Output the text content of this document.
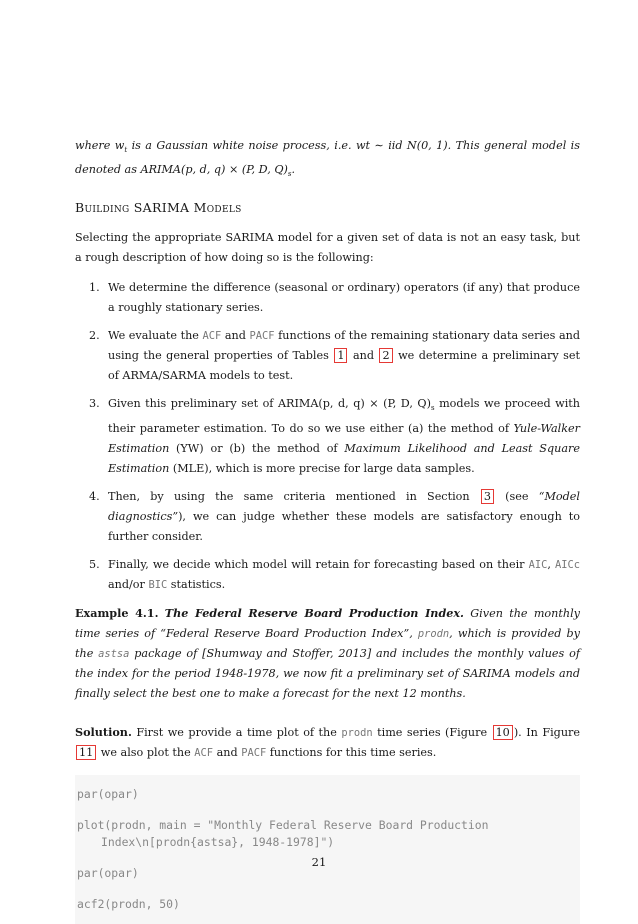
where $w_t$ is a Gaussian white noise process, i.e. wt ∼ iid N(0, 1). This general model is denoted as ARIMA(p, d, q) × (P, D, $Q)_s$.

Building SARIMA Models

Selecting the appropriate SARIMA model for a given set of data is not an easy task, but a rough description of how doing so is the following:

1. We determine the difference (seasonal or ordinary) operators (if any) that produce a roughly stationary series.
2. We evaluate the ACF and PACF functions of the remaining stationary data series and using the general properties of Tables 1 and 2 we determine a preliminary set of ARMA/SARMA models to test.
3. Given this preliminary set of ARIMA(p, d, q) × (P, D, $Q)_s$ models we proceed with their parameter estimation. To do so we use either (a) the method of Yule-Walker Estimation (YW) or (b) the method of Maximum Likelihood and Least Square Estimation (MLE), which is more precise for large data samples.
4. Then, by using the same criteria mentioned in Section 3 (see “Model diagnostics”), we can judge whether these models are satisfactory enough to further consider.
5. Finally, we decide which model will retain for forecasting based on their AIC, AICc and/or BIC statistics.

Example 4.1. The Federal Reserve Board Production Index. Given the monthly time series of “Federal Reserve Board Production Index”, prodn, which is provided by the astsa package of [Shumway and Stoffer, 2013] and includes the monthly values of the index for the period 1948-1978, we now fit a preliminary set of SARIMA models and finally select the best one to make a forecast for the next 12 months.

Solution. First we provide a time plot of the prodn time series (Figure 10 ). In Figure 11 we also plot the ACF and PACF functions for this time series.

par(opar)
plot(prodn, main = "Monthly Federal Reserve Board Production
Index\n[prodn{astsa}, 1948-1978]")
par(opar)
acf2(prodn, 50)
21
